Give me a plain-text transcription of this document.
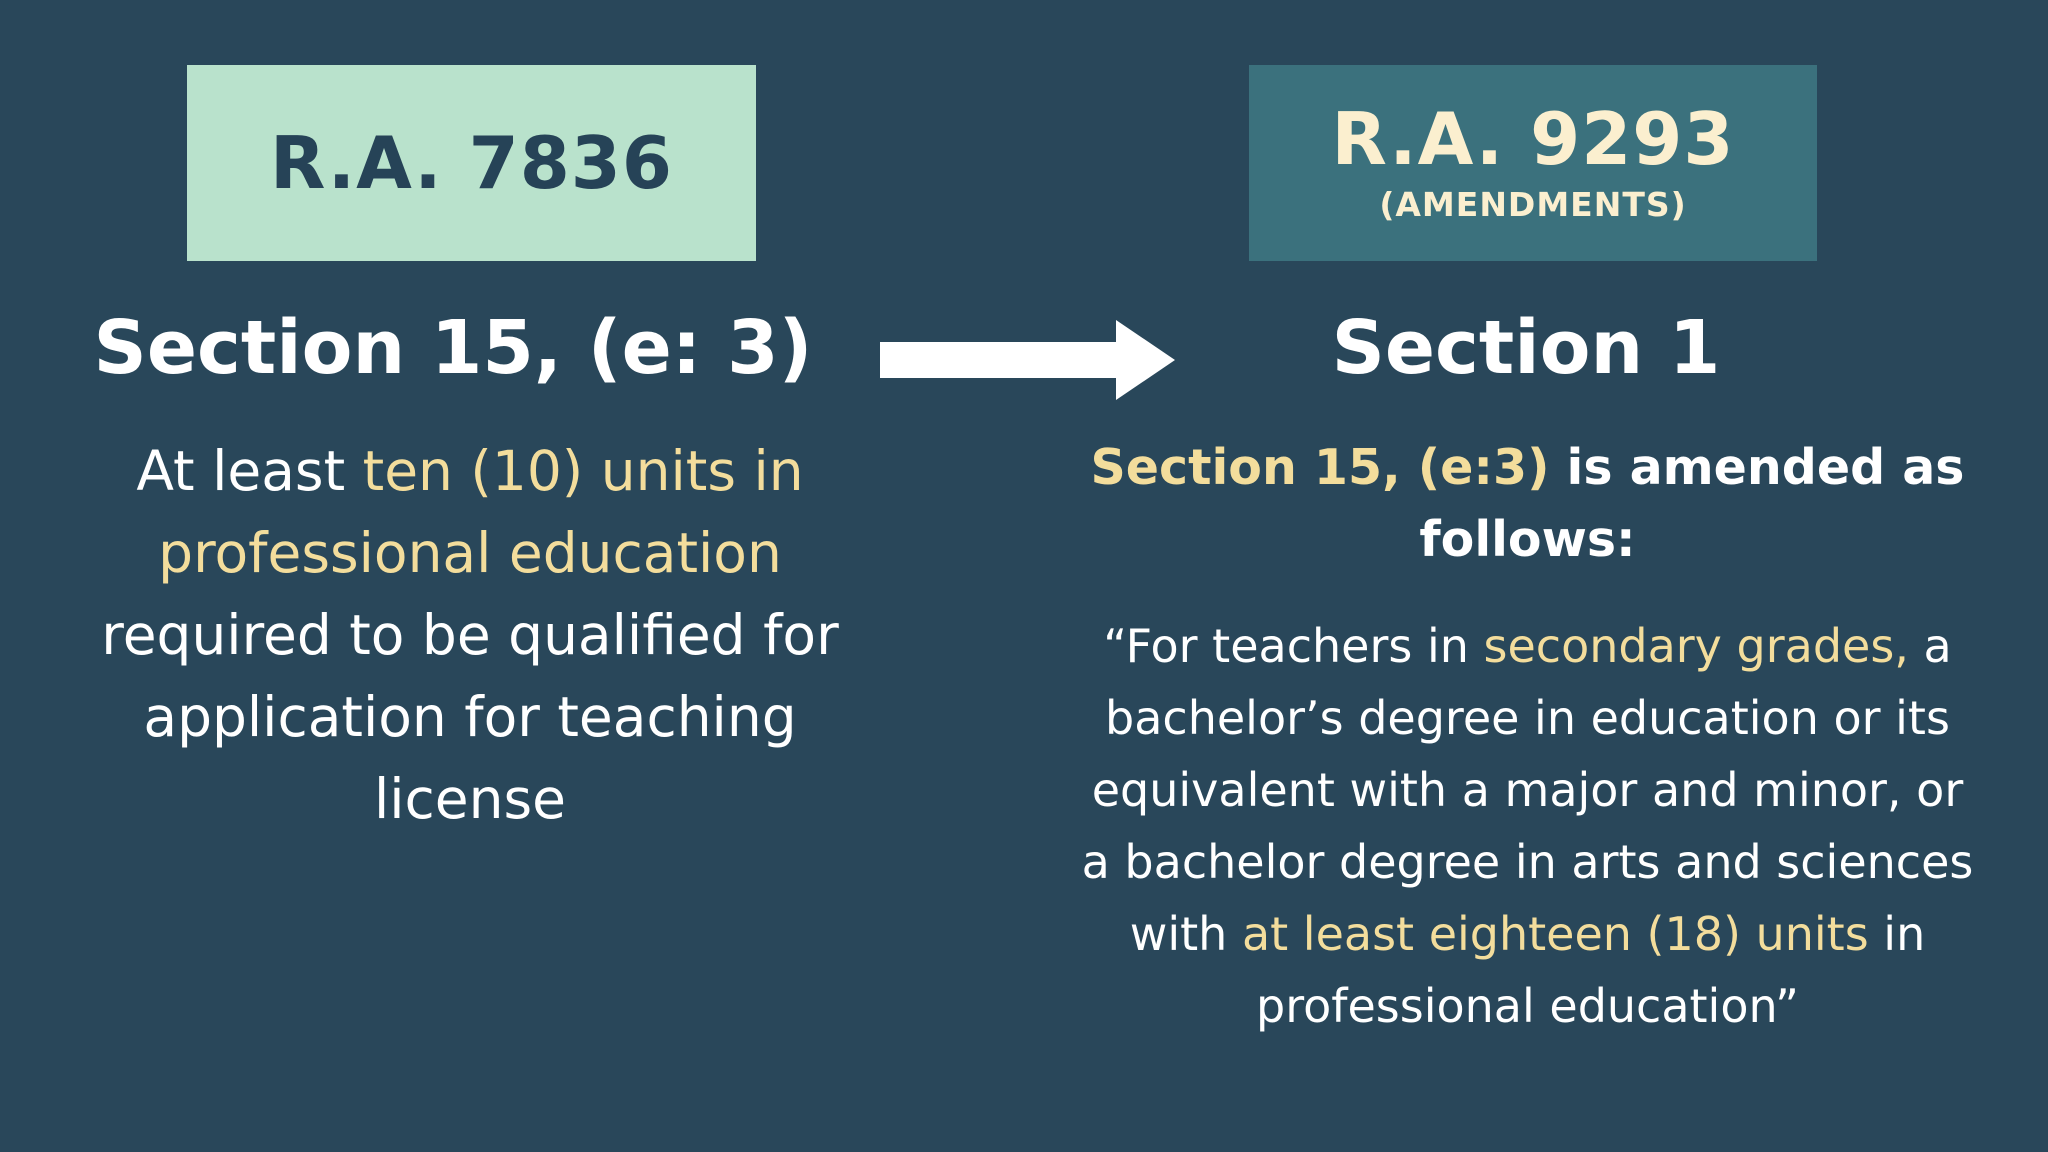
R.A. 7836	R.A. 9293
(AMENDMENTS)
Section 15, (e: 3)	Section 1
At least ten (10) units in professional education required to be qualified for application for teaching license
Section 15, (e:3) is amended as follows:
“For teachers in secondary grades, a bachelor’s degree in education or its equivalent with a major and minor, or a bachelor degree in arts and sciences with at least eighteen (18) units in professional education”
